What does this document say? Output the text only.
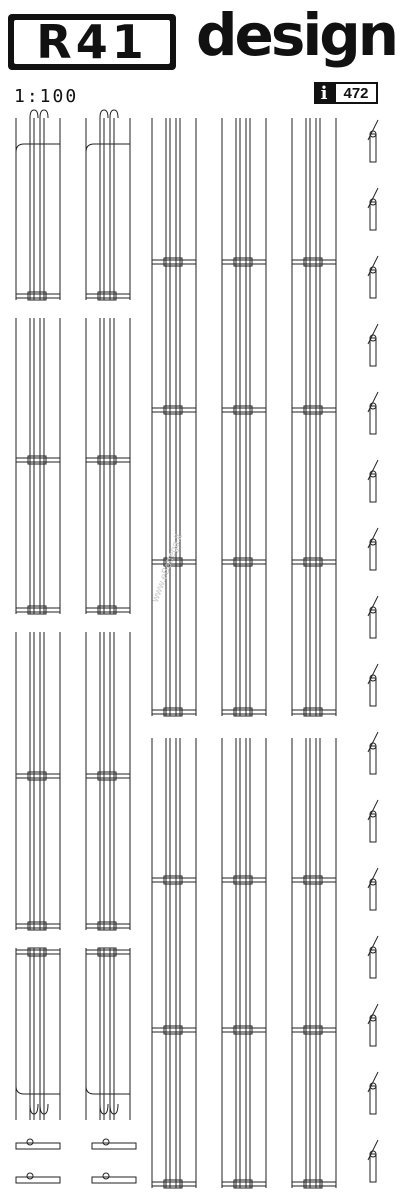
R41 design
1:100	i	472
www.eBottega.it
